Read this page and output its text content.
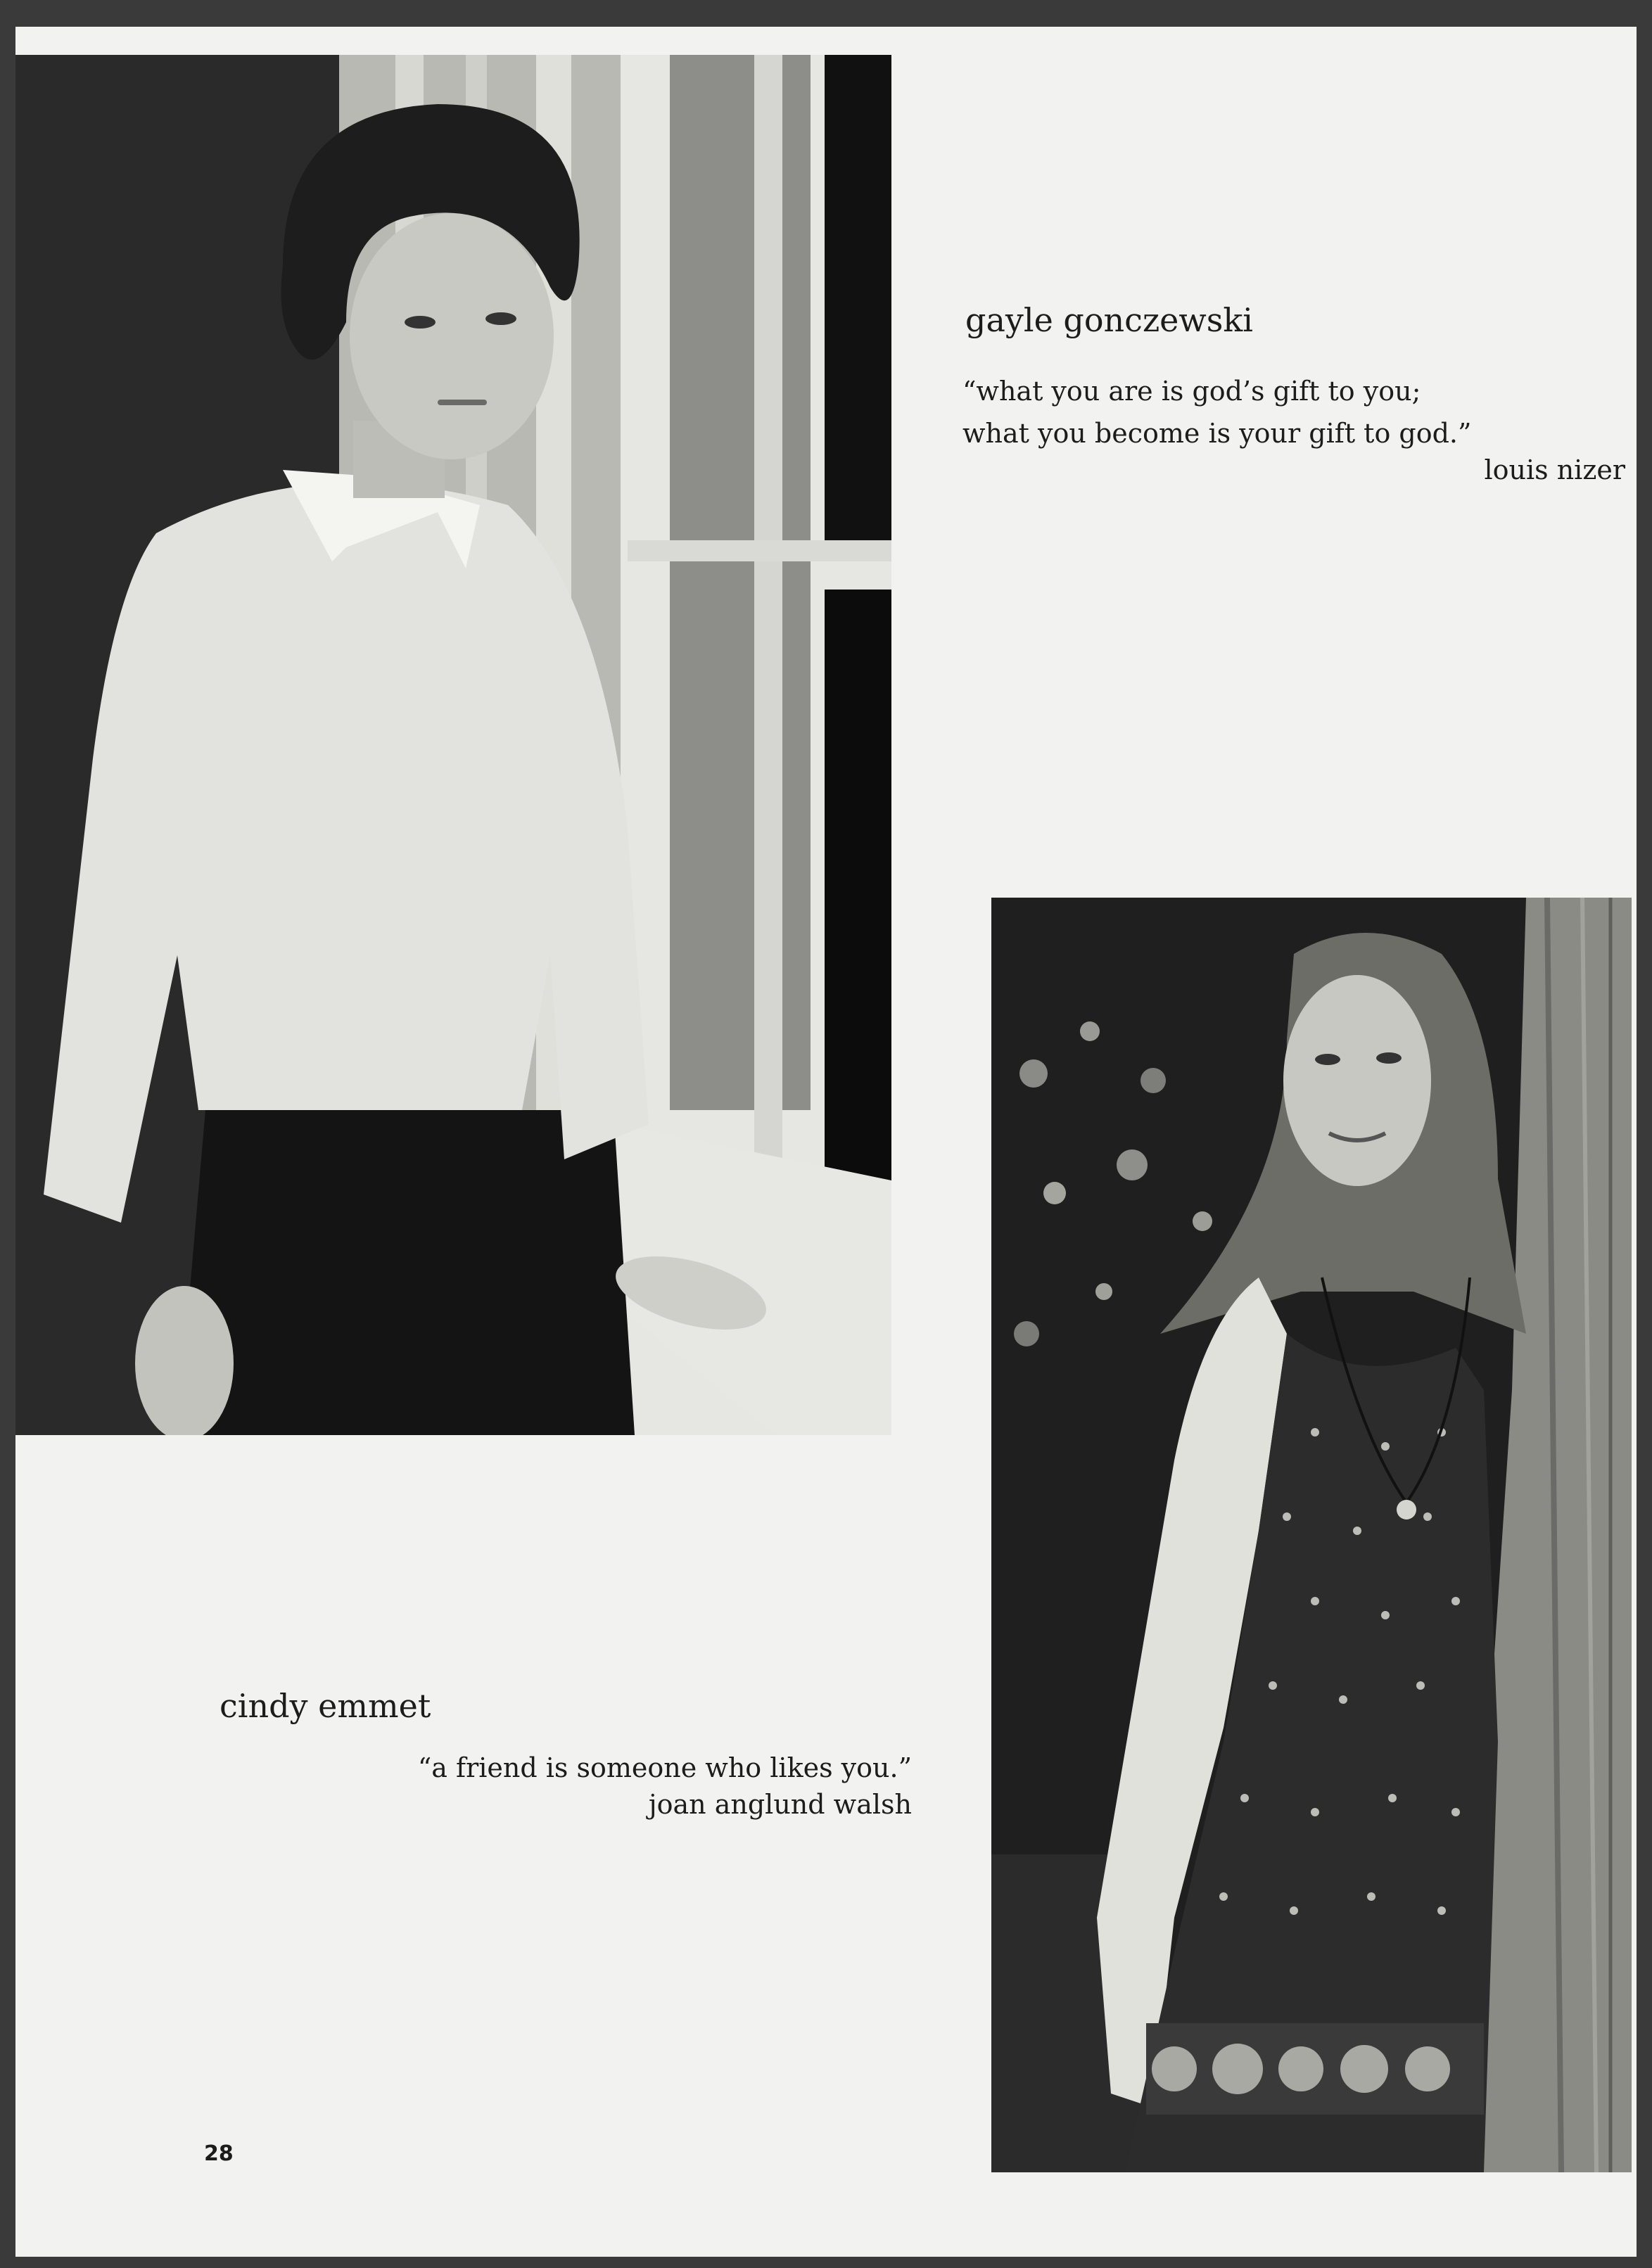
gayle gonczewski
“what you are is god’s gift to you;
what you become is your gift to god.”
louis nizer
cindy emmet
“a friend is someone who likes you.”
joan anglund walsh
28
